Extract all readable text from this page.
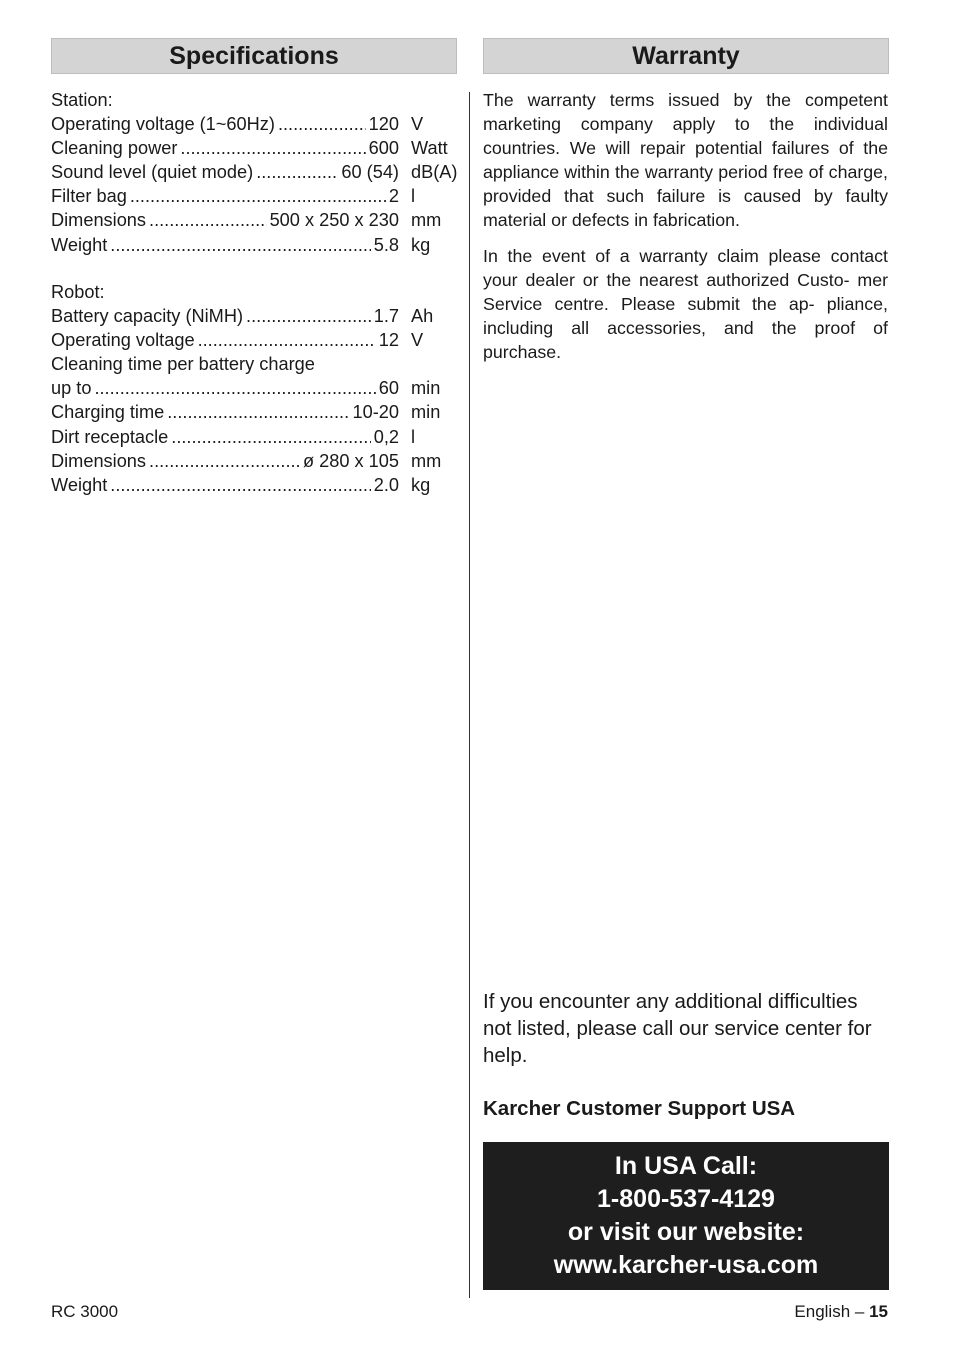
Specifications	Warranty
Station:
Operating voltage (1~60Hz) .....	120 V
Cleaning power .....	600 Watt
Sound level (quiet mode) .....	60 (54) dB(A)
Filter bag .....	2 l
Dimensions .....	500 x 250 x 230 mm
Weight .....	5.8 kg
Robot:
Battery capacity (NiMH) .....	1.7 Ah
Operating voltage .....	12 V
Cleaning time per battery charge
up to .....	60 min
Charging time .....	10-20 min
Dirt receptacle .....	0,2 l
Dimensions .....	ø 280 x 105 mm
Weight .....	2.0 kg
The warranty terms issued by the competent marketing company apply to the individual countries. We will repair potential failures of the appliance within the warranty period free of charge, provided that such failure is caused by faulty material or defects in fabrication.
In the event of a warranty claim please contact your dealer or the nearest authorized Custo- mer Service centre. Please submit the ap- pliance, including all accessories, and the proof of purchase.
If you encounter any additional difficulties not listed, please call our service center for help.
Karcher Customer Support USA
In USA Call:
1-800-537-4129
or visit our website:
www.karcher-usa.com
RC 3000	English – 15
